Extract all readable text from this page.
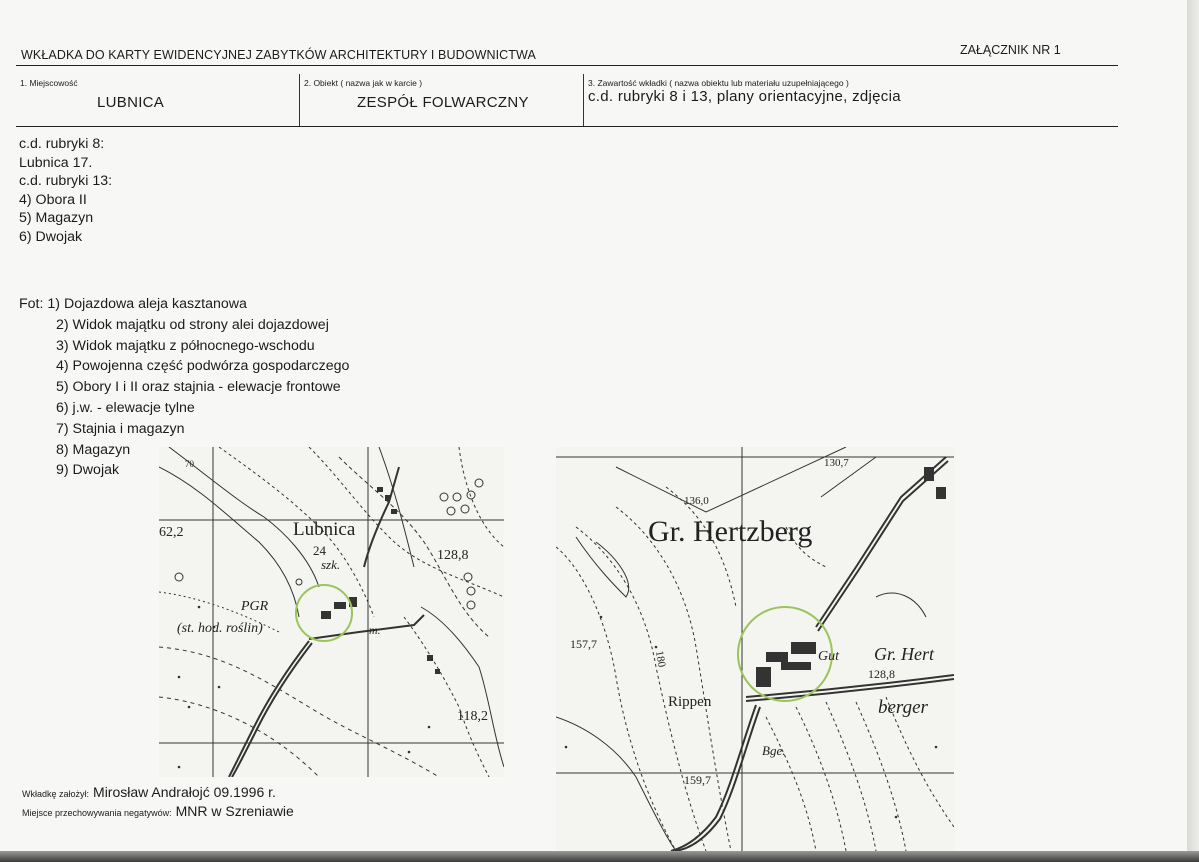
WKŁADKA DO KARTY EWIDENCYJNEJ ZABYTKÓW ARCHITEKTURY I BUDOWNICTWA	ZAŁĄCZNIK NR 1
1. Miejscowość
LUBNICA
2. Obiekt ( nazwa jak w karcie )
ZESPÓŁ FOLWARCZNY
3. Zawartość wkładki ( nazwa obiektu lub materiału uzupełniającego )
c.d. rubryki 8 i 13, plany orientacyjne, zdjęcia
c.d. rubryki 8:
Lubnica 17.
c.d. rubryki 13:
4) Obora II
5) Magazyn
6) Dwojak
Fot: 1) Dojazdowa aleja kasztanowa
2) Widok majątku od strony alei dojazdowej
3) Widok majątku z północnego-wschodu
4) Powojenna część podwórza gospodarczego
5) Obory I i II oraz stajnia - elewacje frontowe
6) j.w. - elewacje tylne
7) Stajnia i magazyn
8) Magazyn
9) Dwojak
Lubnica
24
szk.
PGR
(st. hod. roślin)	m.
62,2
128,8
118,2
70
Gr. Hertzberg
Gut Gr. Hert
berger
Rippen
Bge.
130,7
136,0
157,7
128,8
159,7
180
Wkładkę założył: Mirosław Andrałojć 09.1996 r.
Miejsce przechowywania negatywów: MNR w Szreniawie
